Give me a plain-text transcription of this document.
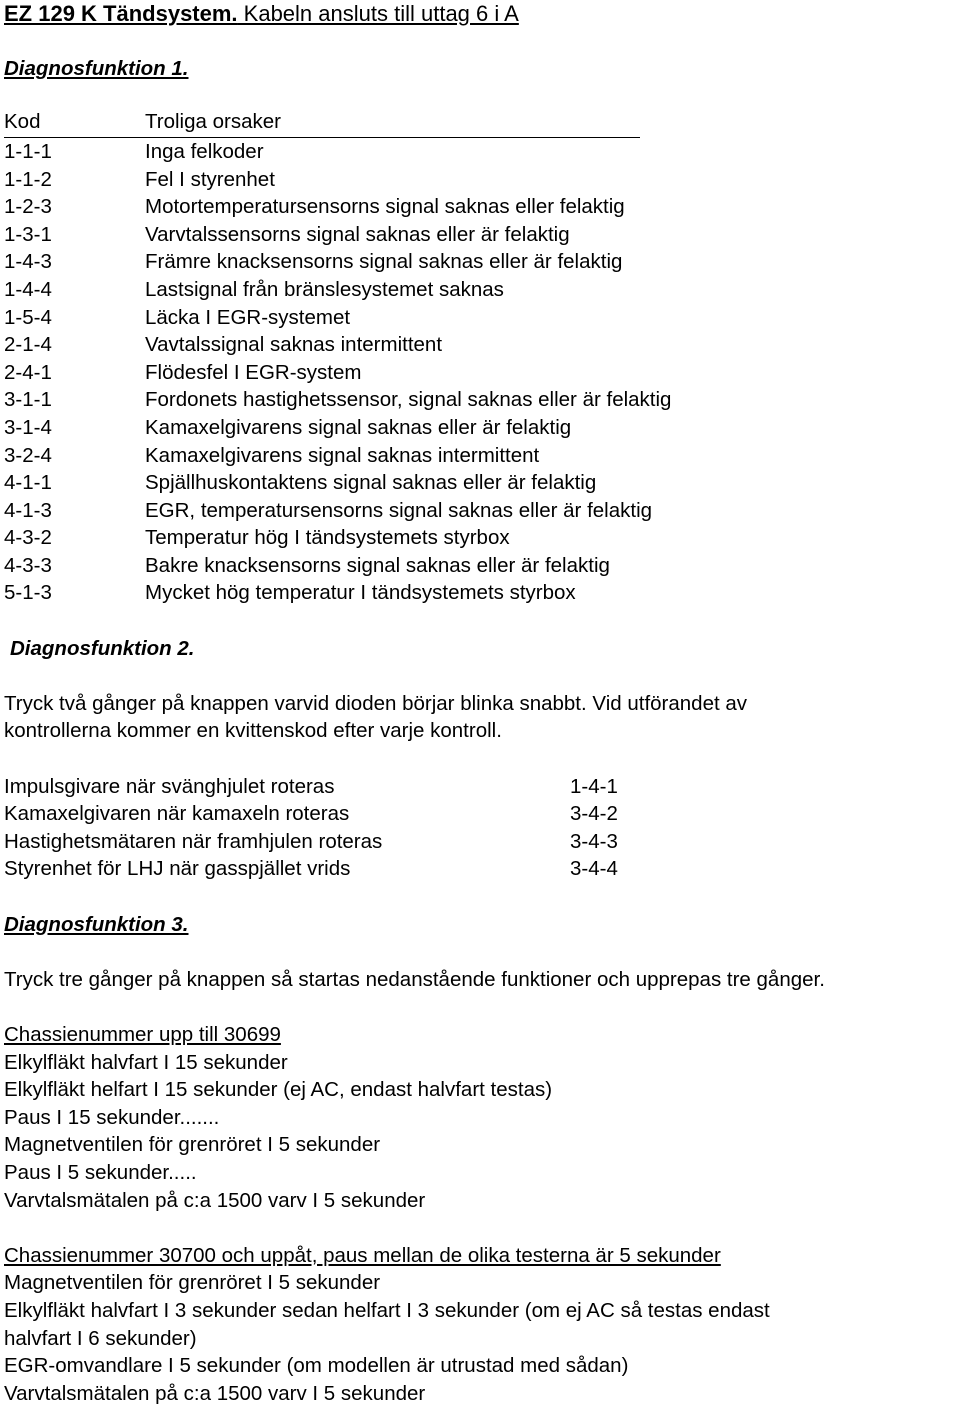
EZ 129 K Tändsystem. Kabeln ansluts till uttag 6 i A
Diagnosfunktion 1.
Kod	Troliga orsaker
1-1-1	Inga felkoder
1-1-2	Fel I styrenhet
1-2-3	Motortemperatursensorns signal saknas eller felaktig
1-3-1	Varvtalssensorns signal saknas eller är felaktig
1-4-3	Främre knacksensorns signal saknas eller är felaktig
1-4-4	Lastsignal från bränslesystemet saknas
1-5-4	Läcka I EGR-systemet
2-1-4	Vavtalssignal saknas intermittent
2-4-1	Flödesfel I EGR-system
3-1-1	Fordonets hastighetssensor, signal saknas eller är felaktig
3-1-4	Kamaxelgivarens signal saknas eller är felaktig
3-2-4	Kamaxelgivarens signal saknas intermittent
4-1-1	Spjällhuskontaktens signal saknas eller är felaktig
4-1-3	EGR, temperatursensorns signal saknas eller är felaktig
4-3-2	Temperatur hög I tändsystemets styrbox
4-3-3	Bakre knacksensorns signal saknas eller är felaktig
5-1-3	Mycket hög temperatur I tändsystemets styrbox
Diagnosfunktion 2.
Tryck två gånger på knappen varvid dioden börjar blinka snabbt. Vid utförandet av
kontrollerna kommer en kvittenskod efter varje kontroll.
Impulsgivare när svänghjulet roteras	1-4-1
Kamaxelgivaren när kamaxeln roteras	3-4-2
Hastighetsmätaren när framhjulen roteras	3-4-3
Styrenhet för LHJ när gasspjället vrids	3-4-4
Diagnosfunktion 3.
Tryck tre gånger på knappen så startas nedanstående funktioner och upprepas tre gånger.
Chassienummer upp till 30699
Elkylfläkt halvfart I 15 sekunder
Elkylfläkt helfart I 15 sekunder (ej AC, endast halvfart testas)
Paus I 15 sekunder.......
Magnetventilen för grenröret I 5 sekunder
Paus I 5 sekunder.....
Varvtalsmätalen på c:a 1500 varv I 5 sekunder
Chassienummer 30700 och uppåt, paus mellan de olika testerna är 5 sekunder
Magnetventilen för grenröret I 5 sekunder
Elkylfläkt halvfart I 3 sekunder sedan helfart I 3 sekunder (om ej AC så testas endast
halvfart I 6 sekunder)
EGR-omvandlare I 5 sekunder (om modellen är utrustad med sådan)
Varvtalsmätalen på c:a 1500 varv I 5 sekunder
